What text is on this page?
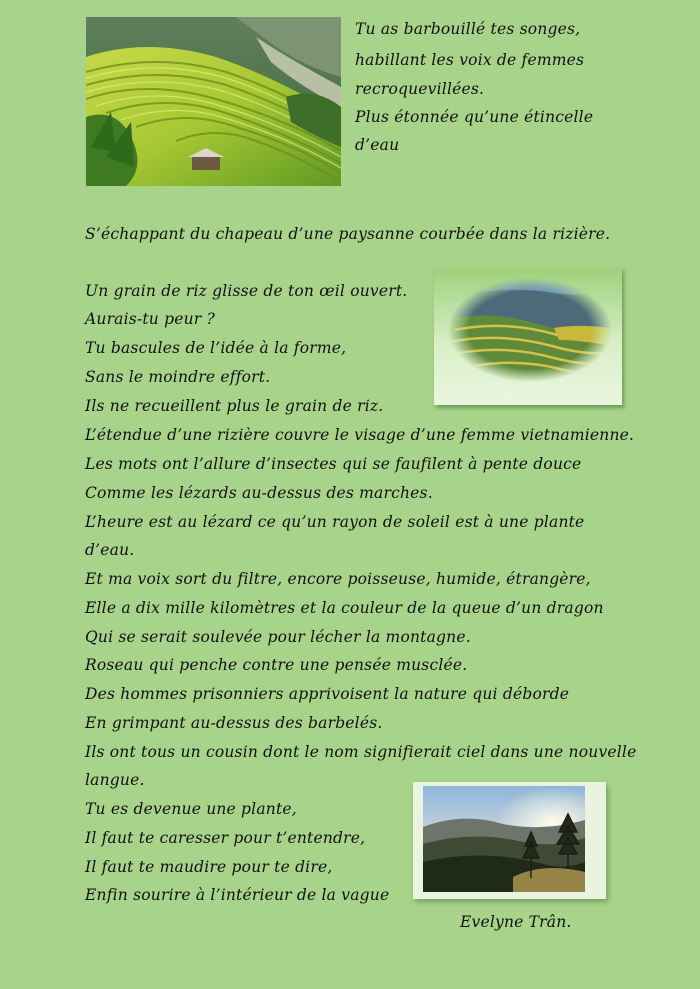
Tu as barbouillé tes songes,
habillant les voix de femmes
recroquevillées.
Plus étonnée qu’une étincelle
d’eau
S’échappant du chapeau d’une paysanne courbée dans la rizière.
Un grain de riz glisse de ton œil ouvert.
Aurais-tu peur ?
Tu bascules de l’idée à la forme,
Sans le moindre effort.
Ils ne recueillent plus le grain de riz.
L’étendue d’une rizière couvre le visage d’une femme vietnamienne.
Les mots ont l’allure d’insectes qui se faufilent à pente douce
Comme les lézards au-dessus des marches.
L’heure est au lézard ce qu’un rayon de soleil est à une plante
d’eau.
Et ma voix sort du filtre, encore poisseuse, humide, étrangère,
Elle a dix mille kilomètres et la couleur de la queue d’un dragon
Qui se serait soulevée pour lécher la montagne.
Roseau qui penche contre une pensée musclée.
Des hommes prisonniers apprivoisent la nature qui déborde
En grimpant au-dessus des barbelés.
Ils ont tous un cousin dont le nom signifierait ciel dans une nouvelle
langue.
Tu es devenue une plante,
Il faut te caresser pour t’entendre,
Il faut te maudire pour te dire,
Enfin sourire à l’intérieur de la vague
Evelyne Trân.
